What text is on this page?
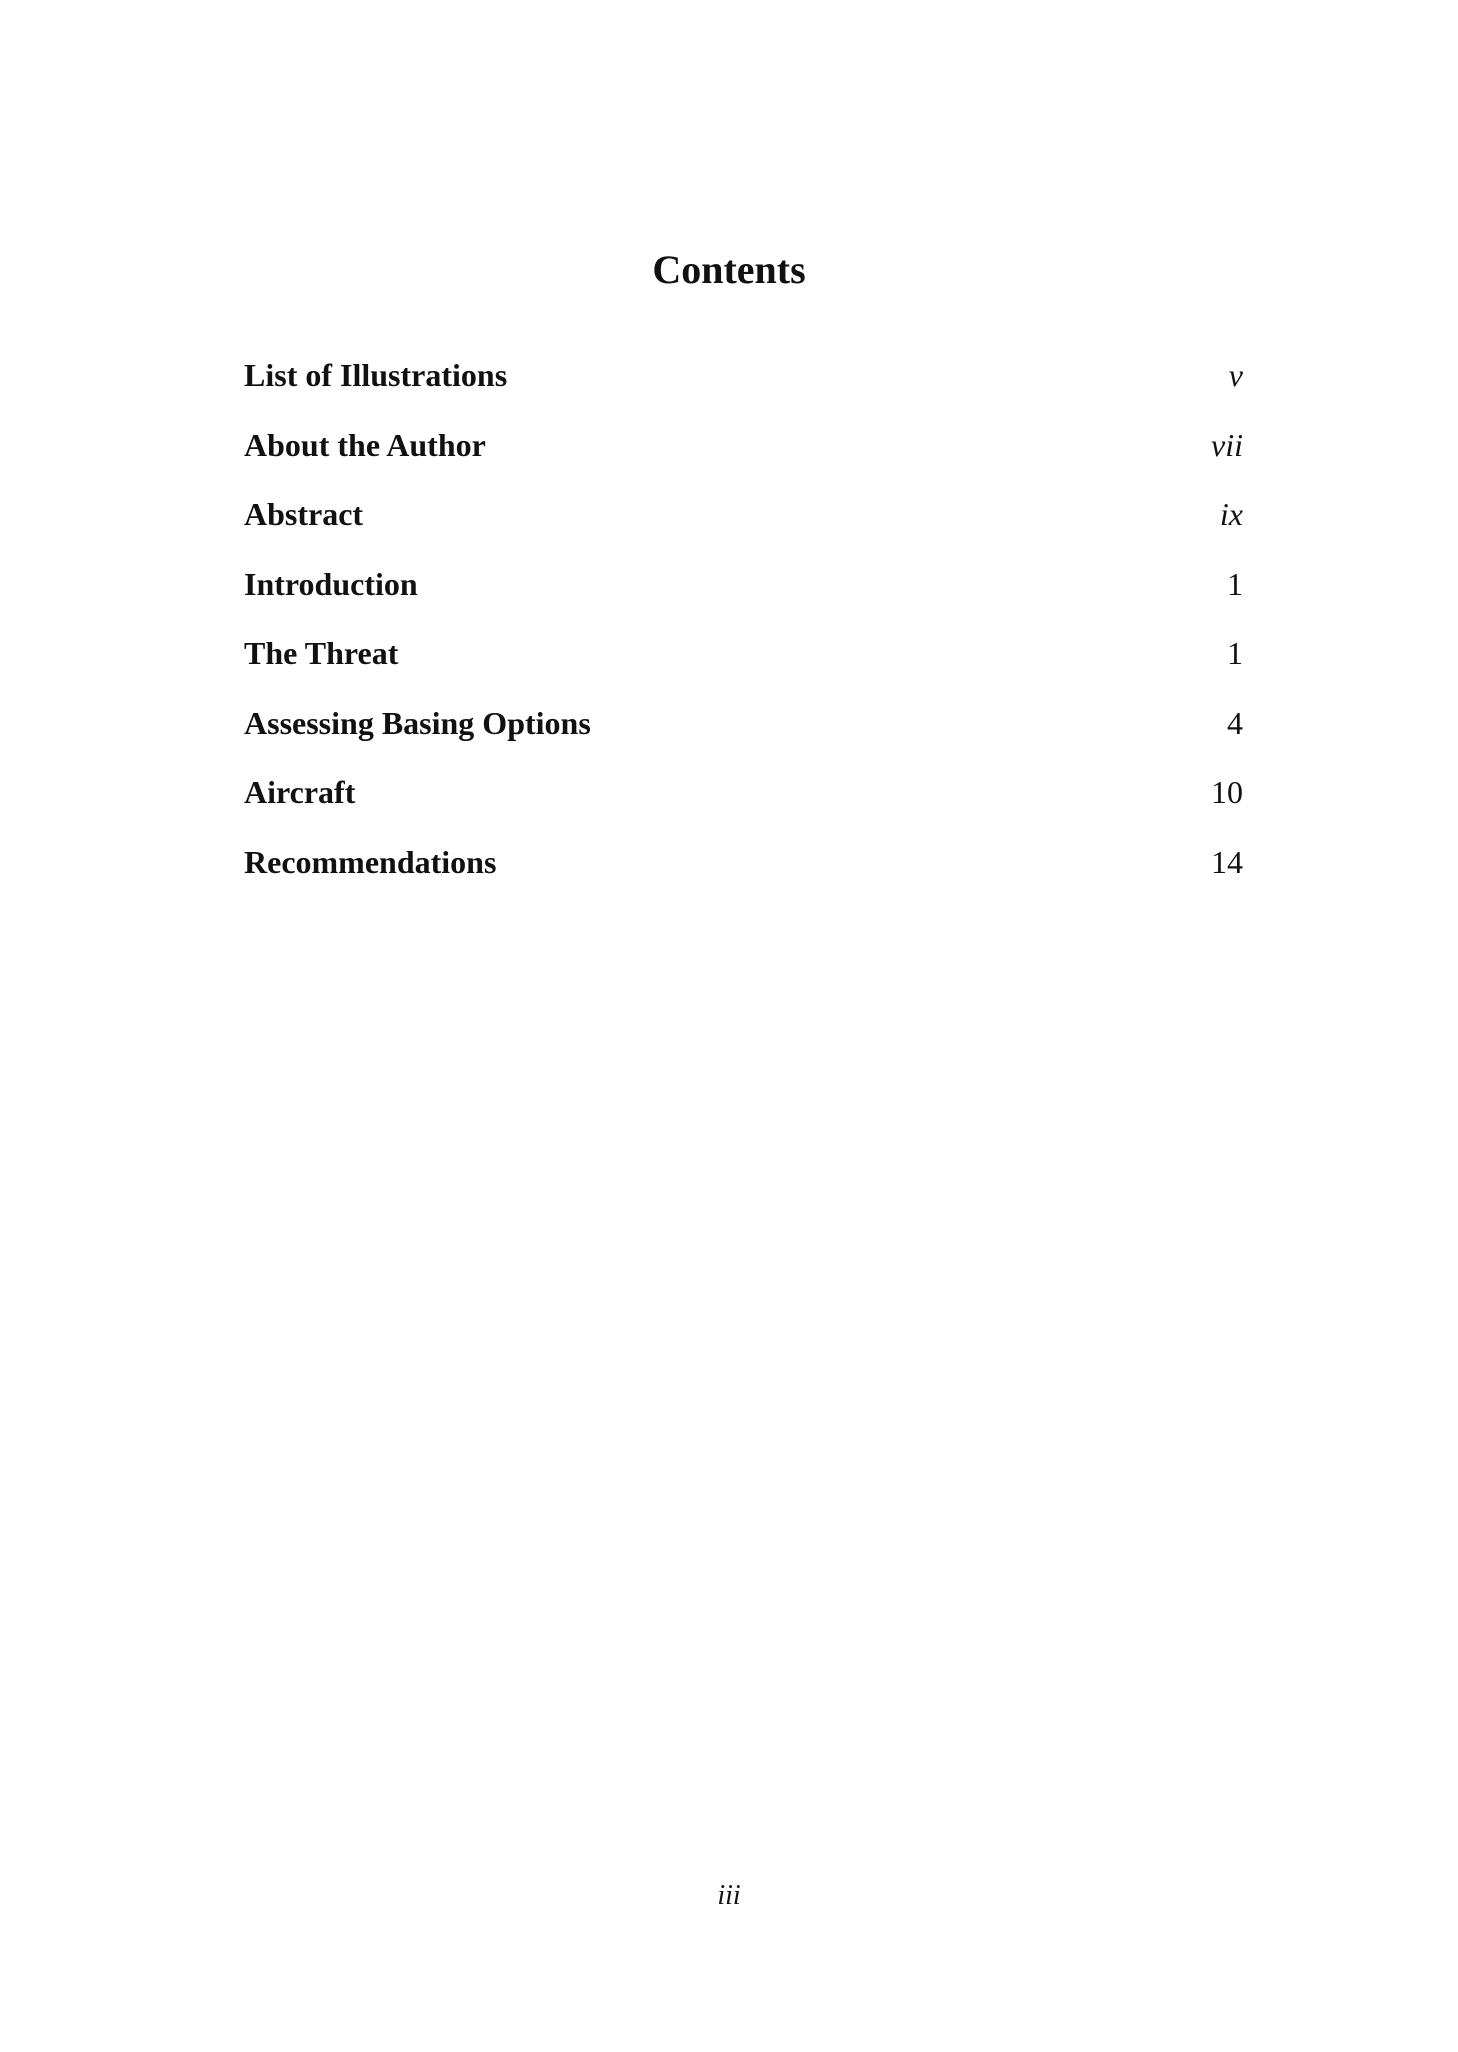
Contents
List of Illustrations	v
About the Author	vii
Abstract	ix
Introduction	1
The Threat	1
Assessing Basing Options	4
Aircraft	10
Recommendations	14
iii
